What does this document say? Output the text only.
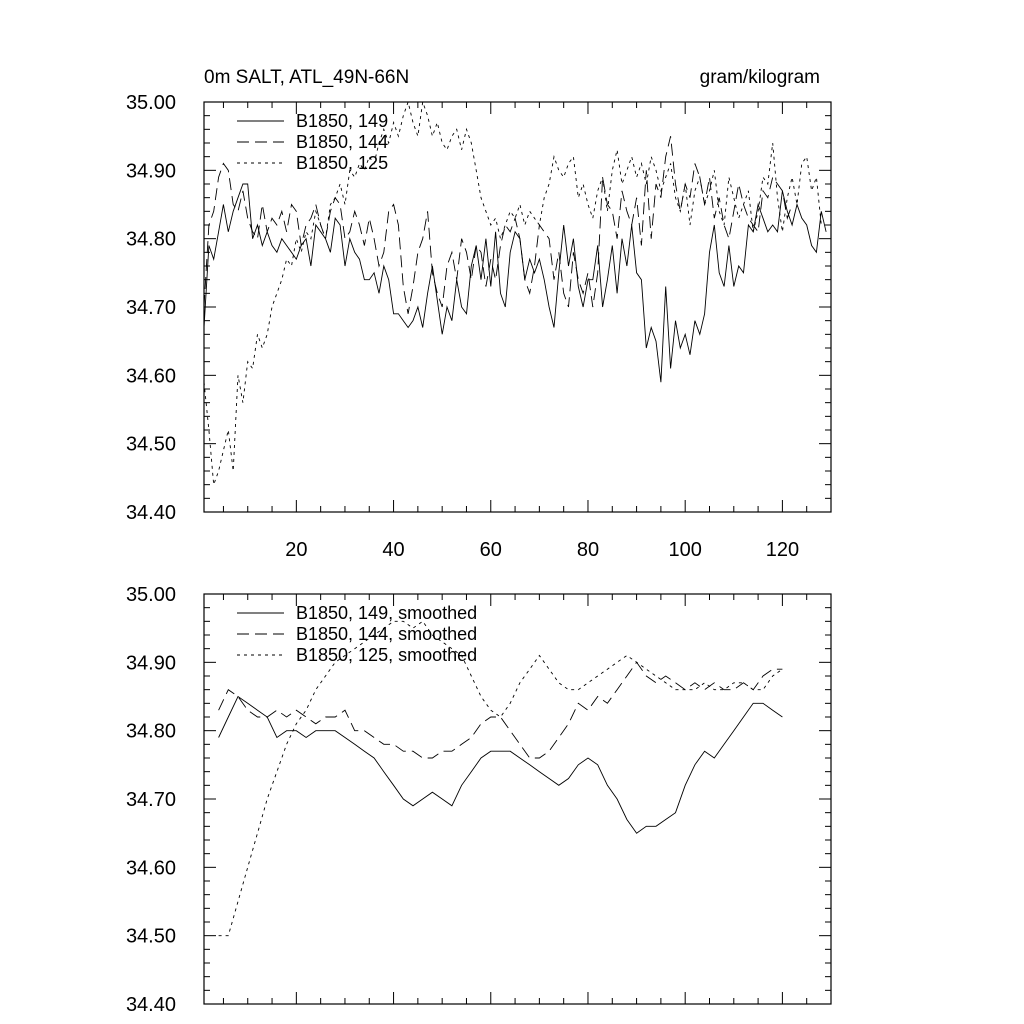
0m SALT, ATL_49N-66N	gram/kilogram
34.40
34.50
34.60
34.70
34.80
34.90
35.00
20	40	60	80	100	120
B1850, 149
B1850, 144
B1850, 125
34.40
34.50
34.60
34.70
34.80
34.90
35.00
B1850, 149, smoothed
B1850, 144, smoothed
B1850, 125, smoothed
